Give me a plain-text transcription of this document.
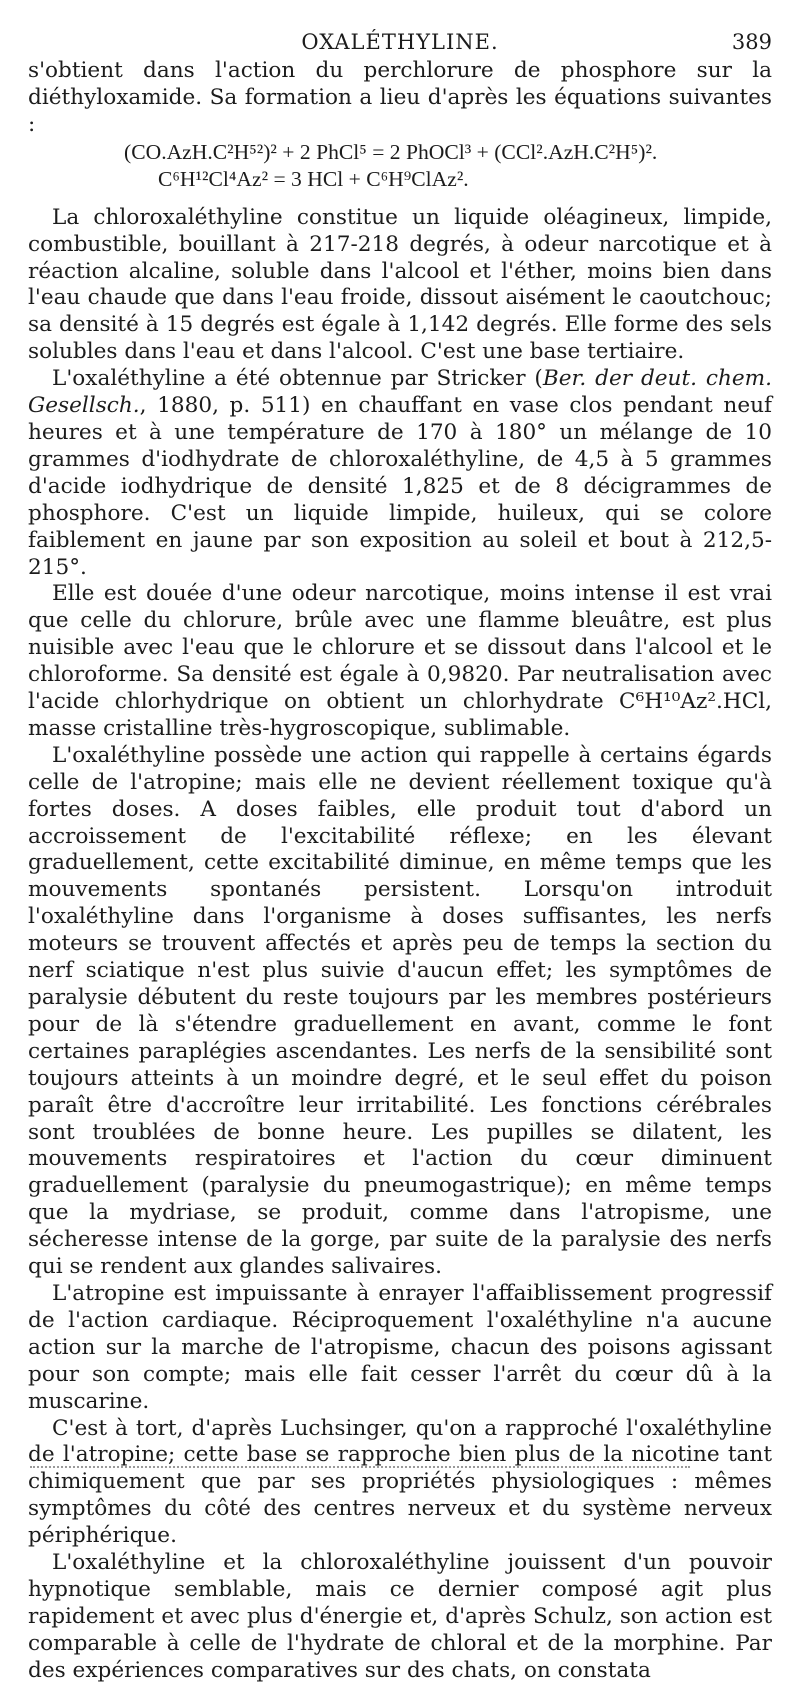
OXALÉTHYLINE.	389

s'obtient dans l'action du perchlorure de phosphore sur la diéthyloxamide. Sa formation a lieu d'après les équations suivantes :

(CO.AzH.C²H⁵²)² + 2 PhCl⁵ = 2 PhOCl³ + (CCl².AzH.C²H⁵)².
C⁶H¹²Cl⁴Az² = 3 HCl + C⁶H⁹ClAz².

La chloroxaléthyline constitue un liquide oléagineux, limpide, combustible, bouillant à 217-218 degrés, à odeur narcotique et à réaction alcaline, soluble dans l'alcool et l'éther, moins bien dans l'eau chaude que dans l'eau froide, dissout aisément le caoutchouc; sa densité à 15 degrés est égale à 1,142 degrés. Elle forme des sels solubles dans l'eau et dans l'alcool. C'est une base tertiaire.

L'oxaléthyline a été obtennue par Stricker (Ber. der deut. chem. Gesellsch., 1880, p. 511) en chauffant en vase clos pendant neuf heures et à une température de 170 à 180° un mélange de 10 grammes d'iodhydrate de chloroxaléthyline, de 4,5 à 5 grammes d'acide iodhydrique de densité 1,825 et de 8 décigrammes de phosphore. C'est un liquide limpide, huileux, qui se colore faiblement en jaune par son exposition au soleil et bout à 212,5-215°.

Elle est douée d'une odeur narcotique, moins intense il est vrai que celle du chlorure, brûle avec une flamme bleuâtre, est plus nuisible avec l'eau que le chlorure et se dissout dans l'alcool et le chloroforme. Sa densité est égale à 0,9820. Par neutralisation avec l'acide chlorhydrique on obtient un chlorhydrate C⁶H¹⁰Az².HCl, masse cristalline très-hygroscopique, sublimable.

L'oxaléthyline possède une action qui rappelle à certains égards celle de l'atropine; mais elle ne devient réellement toxique qu'à fortes doses. A doses faibles, elle produit tout d'abord un accroissement de l'excitabilité réflexe; en les élevant graduellement, cette excitabilité diminue, en même temps que les mouvements spontanés persistent. Lorsqu'on introduit l'oxaléthyline dans l'organisme à doses suffisantes, les nerfs moteurs se trouvent affectés et après peu de temps la section du nerf sciatique n'est plus suivie d'aucun effet; les symptômes de paralysie débutent du reste toujours par les membres postérieurs pour de là s'étendre graduellement en avant, comme le font certaines paraplégies ascendantes. Les nerfs de la sensibilité sont toujours atteints à un moindre degré, et le seul effet du poison paraît être d'accroître leur irritabilité. Les fonctions cérébrales sont troublées de bonne heure. Les pupilles se dilatent, les mouvements respiratoires et l'action du cœur diminuent graduellement (paralysie du pneumogastrique); en même temps que la mydriase, se produit, comme dans l'atropisme, une sécheresse intense de la gorge, par suite de la paralysie des nerfs qui se rendent aux glandes salivaires.

L'atropine est impuissante à enrayer l'affaiblissement progressif de l'action cardiaque. Réciproquement l'oxaléthyline n'a aucune action sur la marche de l'atropisme, chacun des poisons agissant pour son compte; mais elle fait cesser l'arrêt du cœur dû à la muscarine.

C'est à tort, d'après Luchsinger, qu'on a rapproché l'oxaléthyline de l'atropine; cette base se rapproche bien plus de la nicotine tant chimiquement que par ses propriétés physiologiques : mêmes symptômes du côté des centres nerveux et du système nerveux périphérique.

L'oxaléthyline et la chloroxaléthyline jouissent d'un pouvoir hypnotique semblable, mais ce dernier composé agit plus rapidement et avec plus d'énergie et, d'après Schulz, son action est comparable à celle de l'hydrate de chloral et de la morphine. Par des expériences comparatives sur des chats, on constata
